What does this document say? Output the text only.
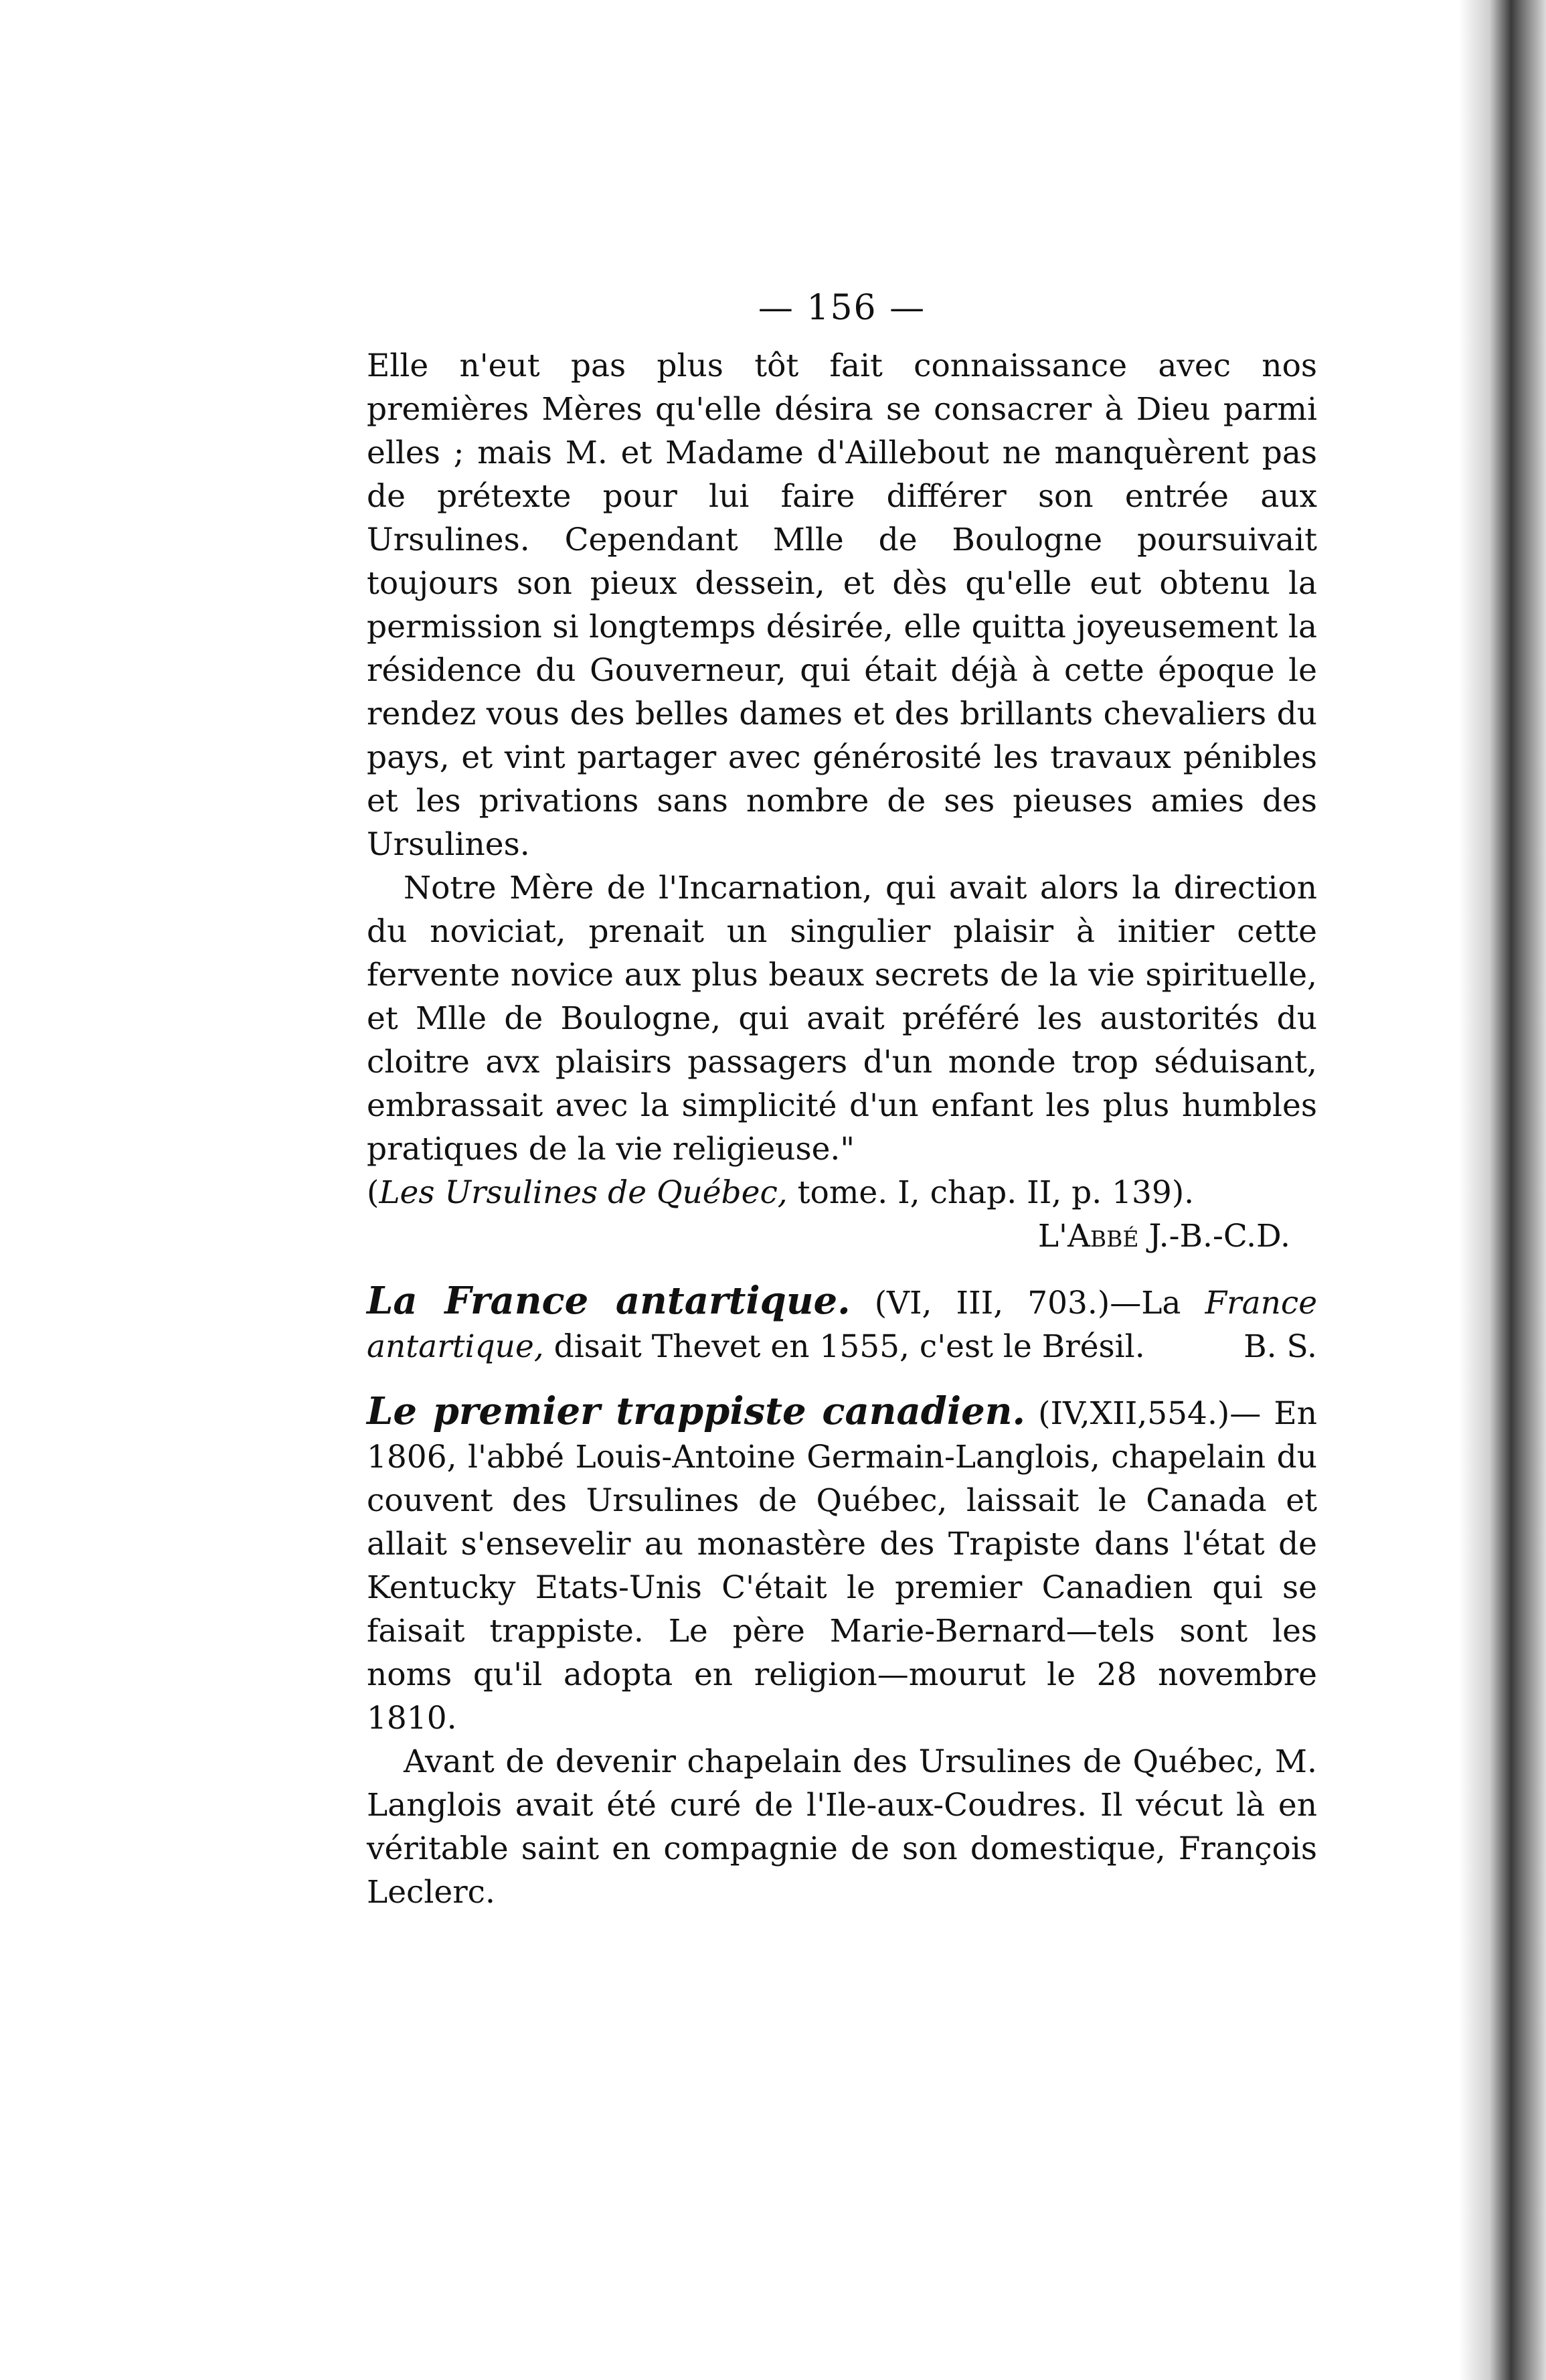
— 156 —

Elle n'eut pas plus tôt fait connaissance avec nos premières Mères qu'elle désira se consacrer à Dieu parmi elles ; mais M. et Madame d'Aillebout ne manquèrent pas de prétexte pour lui faire différer son entrée aux Ursulines. Cependant Mlle de Boulogne poursuivait toujours son pieux dessein, et dès qu'elle eut obtenu la permission si longtemps désirée, elle quitta joyeusement la résidence du Gouverneur, qui était déjà à cette époque le rendez vous des belles dames et des brillants chevaliers du pays, et vint partager avec générosité les travaux pénibles et les privations sans nombre de ses pieuses amies des Ursulines.

Notre Mère de l'Incarnation, qui avait alors la direction du noviciat, prenait un singulier plaisir à initier cette fervente novice aux plus beaux secrets de la vie spirituelle, et Mlle de Boulogne, qui avait préféré les austorités du cloitre avx plaisirs passagers d'un monde trop séduisant, embrassait avec la simplicité d'un enfant les plus humbles pratiques de la vie religieuse."

(Les Ursulines de Québec, tome. I, chap. II, p. 139).

L'Abbé J.-B.-C.D.

La France antartique. (VI, III, 703.)—La France antartique, disait Thevet en 1555, c'est le Brésil.	B. S.

Le premier trappiste canadien. (IV,XII,554.)— En 1806, l'abbé Louis-Antoine Germain-Langlois, chapelain du couvent des Ursulines de Québec, laissait le Canada et allait s'ensevelir au monastère des Trapiste dans l'état de Kentucky Etats-Unis C'était le premier Canadien qui se faisait trappiste. Le père Marie-Bernard—tels sont les noms qu'il adopta en religion—mourut le 28 novembre 1810.

Avant de devenir chapelain des Ursulines de Québec, M. Langlois avait été curé de l'Ile-aux-Coudres. Il vécut là en véritable saint en compagnie de son domestique, François Leclerc.
